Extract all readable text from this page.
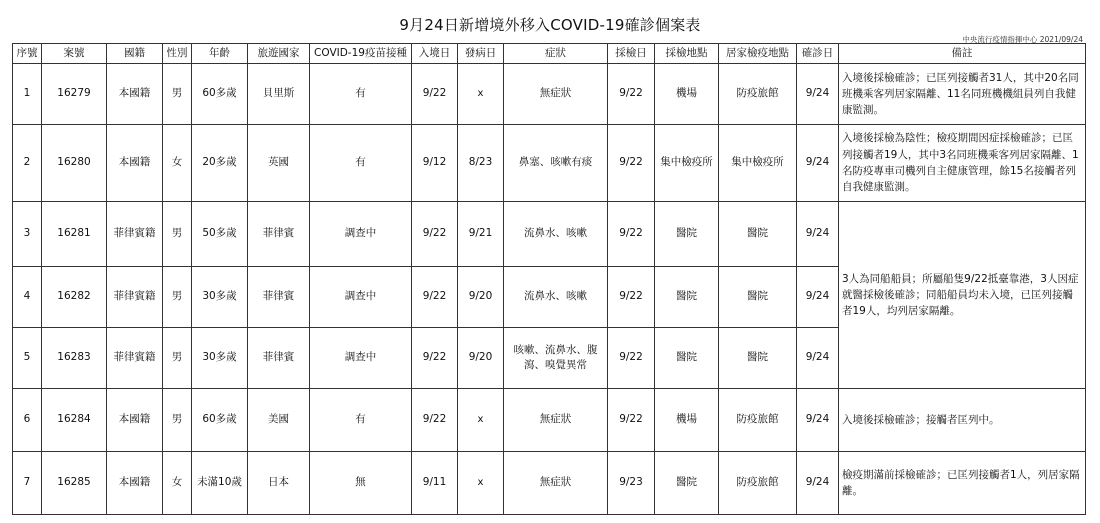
9月24日新增境外移入COVID-19確診個案表
中央流行疫情指揮中心 2021/09/24
序號	案號	國籍	性別	年齡	旅遊國家	COVID-19疫苗接種	入境日	發病日	症狀	採檢日	採檢地點	居家檢疫地點	確診日	備註
1	16279	本國籍	男	60多歲	貝里斯	有	9/22	x	無症狀	9/22	機場	防疫旅館	9/24	入境後採檢確診；已匡列接觸者31人，其中20名同班機乘客列居家隔離、11名同班機機組員列自我健康監測。
2	16280	本國籍	女	20多歲	英國	有	9/12	8/23	鼻塞、咳嗽有痰	9/22	集中檢疫所	集中檢疫所	9/24	入境後採檢為陰性；檢疫期間因症採檢確診；已匡列接觸者19人，其中3名同班機乘客列居家隔離、1名防疫專車司機列自主健康管理，餘15名接觸者列自我健康監測。
3	16281	菲律賓籍	男	50多歲	菲律賓	調查中	9/22	9/21	流鼻水、咳嗽	9/22	醫院	醫院	9/24	3人為同船船員；所屬船隻9/22抵臺靠港，3人因症就醫採檢後確診；同船船員均未入境，已匡列接觸者19人，均列居家隔離。
4	16282	菲律賓籍	男	30多歲	菲律賓	調查中	9/22	9/20	流鼻水、咳嗽	9/22	醫院	醫院	9/24	
5	16283	菲律賓籍	男	30多歲	菲律賓	調查中	9/22	9/20	咳嗽、流鼻水、腹瀉、嗅覺異常	9/22	醫院	醫院	9/24	
6	16284	本國籍	男	60多歲	美國	有	9/22	x	無症狀	9/22	機場	防疫旅館	9/24	入境後採檢確診；接觸者匡列中。
7	16285	本國籍	女	未滿10歲	日本	無	9/11	x	無症狀	9/23	醫院	防疫旅館	9/24	檢疫期滿前採檢確診；已匡列接觸者1人，列居家隔離。
